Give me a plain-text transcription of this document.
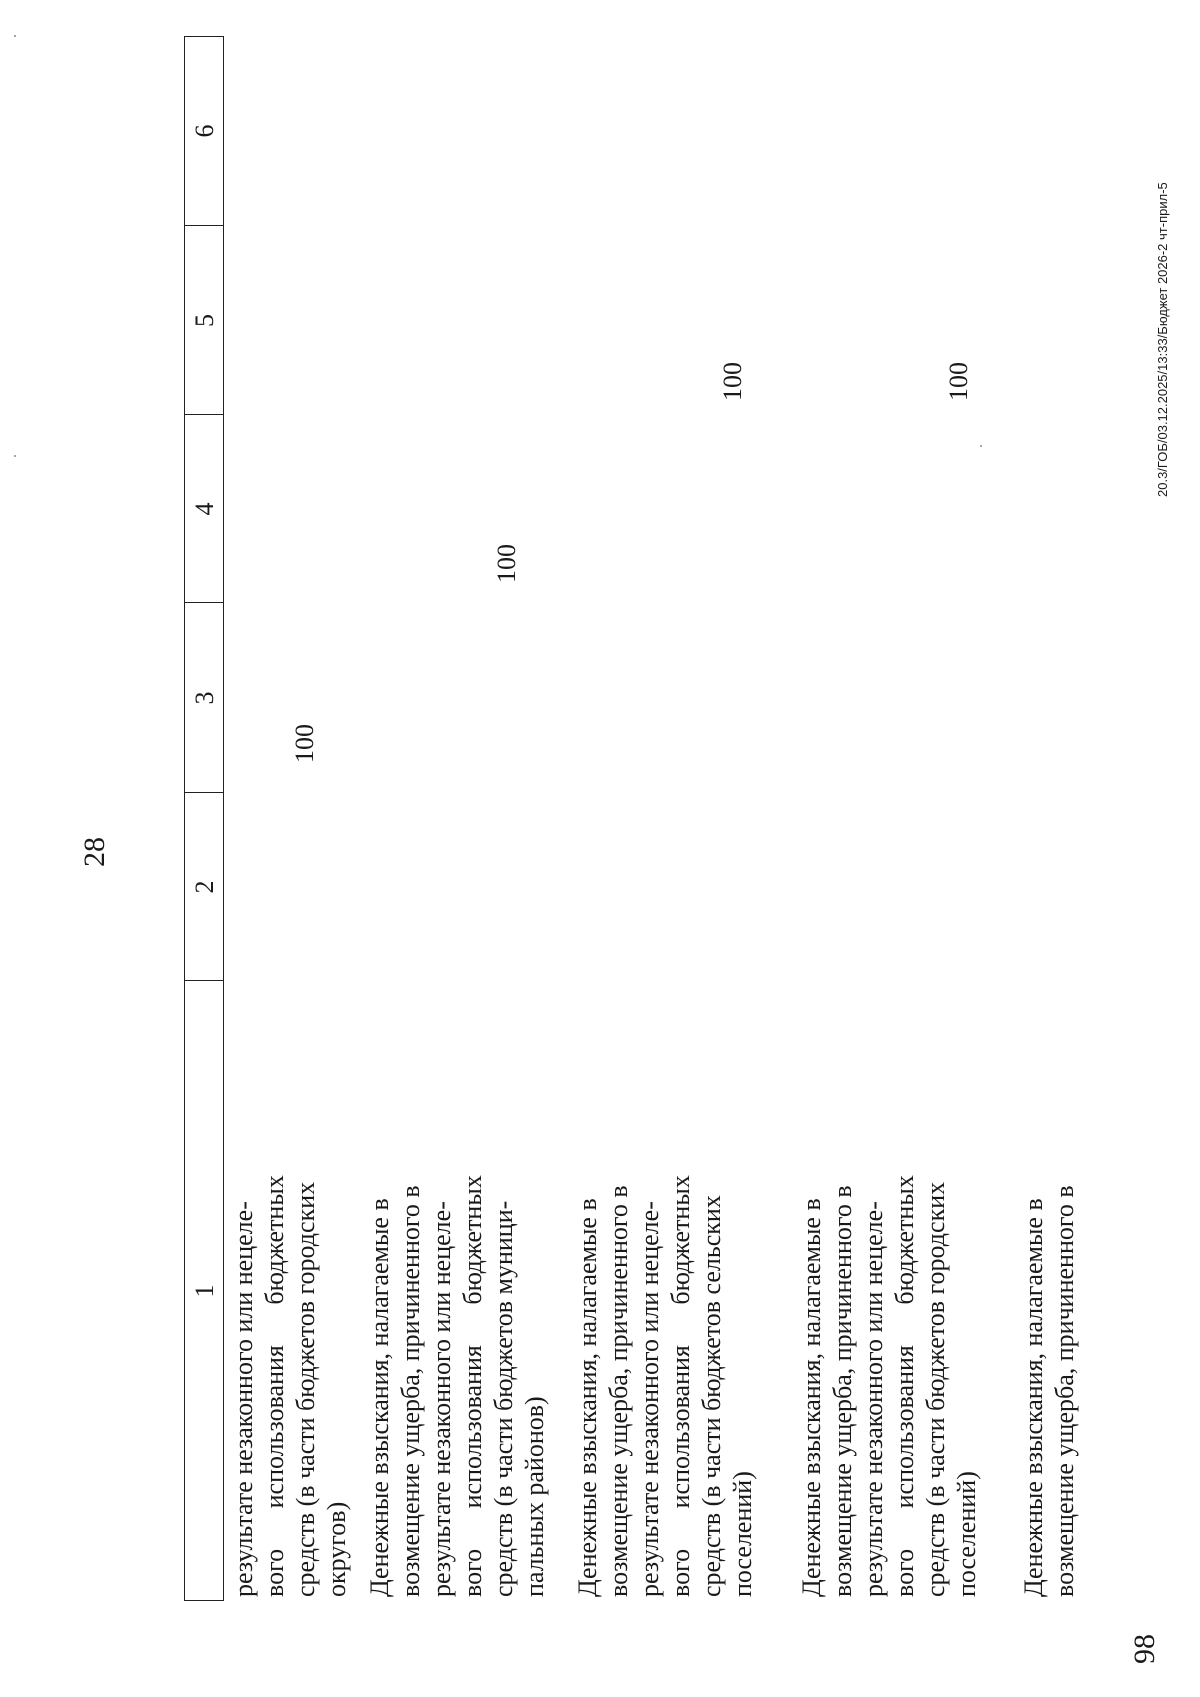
28
1
2
3
4
5
6

результате незаконного или нецеле- вого использования бюджетных средств (в части бюджетов городских округов)

100

Денежные взыскания, налагаемые в возмещение ущерба, причиненного в результате незаконного или нецеле- вого использования бюджетных средств (в части бюджетов муници- пальных районов)

100

Денежные взыскания, налагаемые в возмещение ущерба, причиненного в результате незаконного или нецеле- вого использования бюджетных средств (в части бюджетов сельских поселений)

100

Денежные взыскания, налагаемые в возмещение ущерба, причиненного в результате незаконного или нецеле- вого использования бюджетных средств (в части бюджетов городских поселений)

100

Денежные взыскания, налагаемые в возмещение ущерба, причиненного в

20.3/ГОБ/03.12.2025/13:33/Бюджет 2026-2 чт-прил-5
98
